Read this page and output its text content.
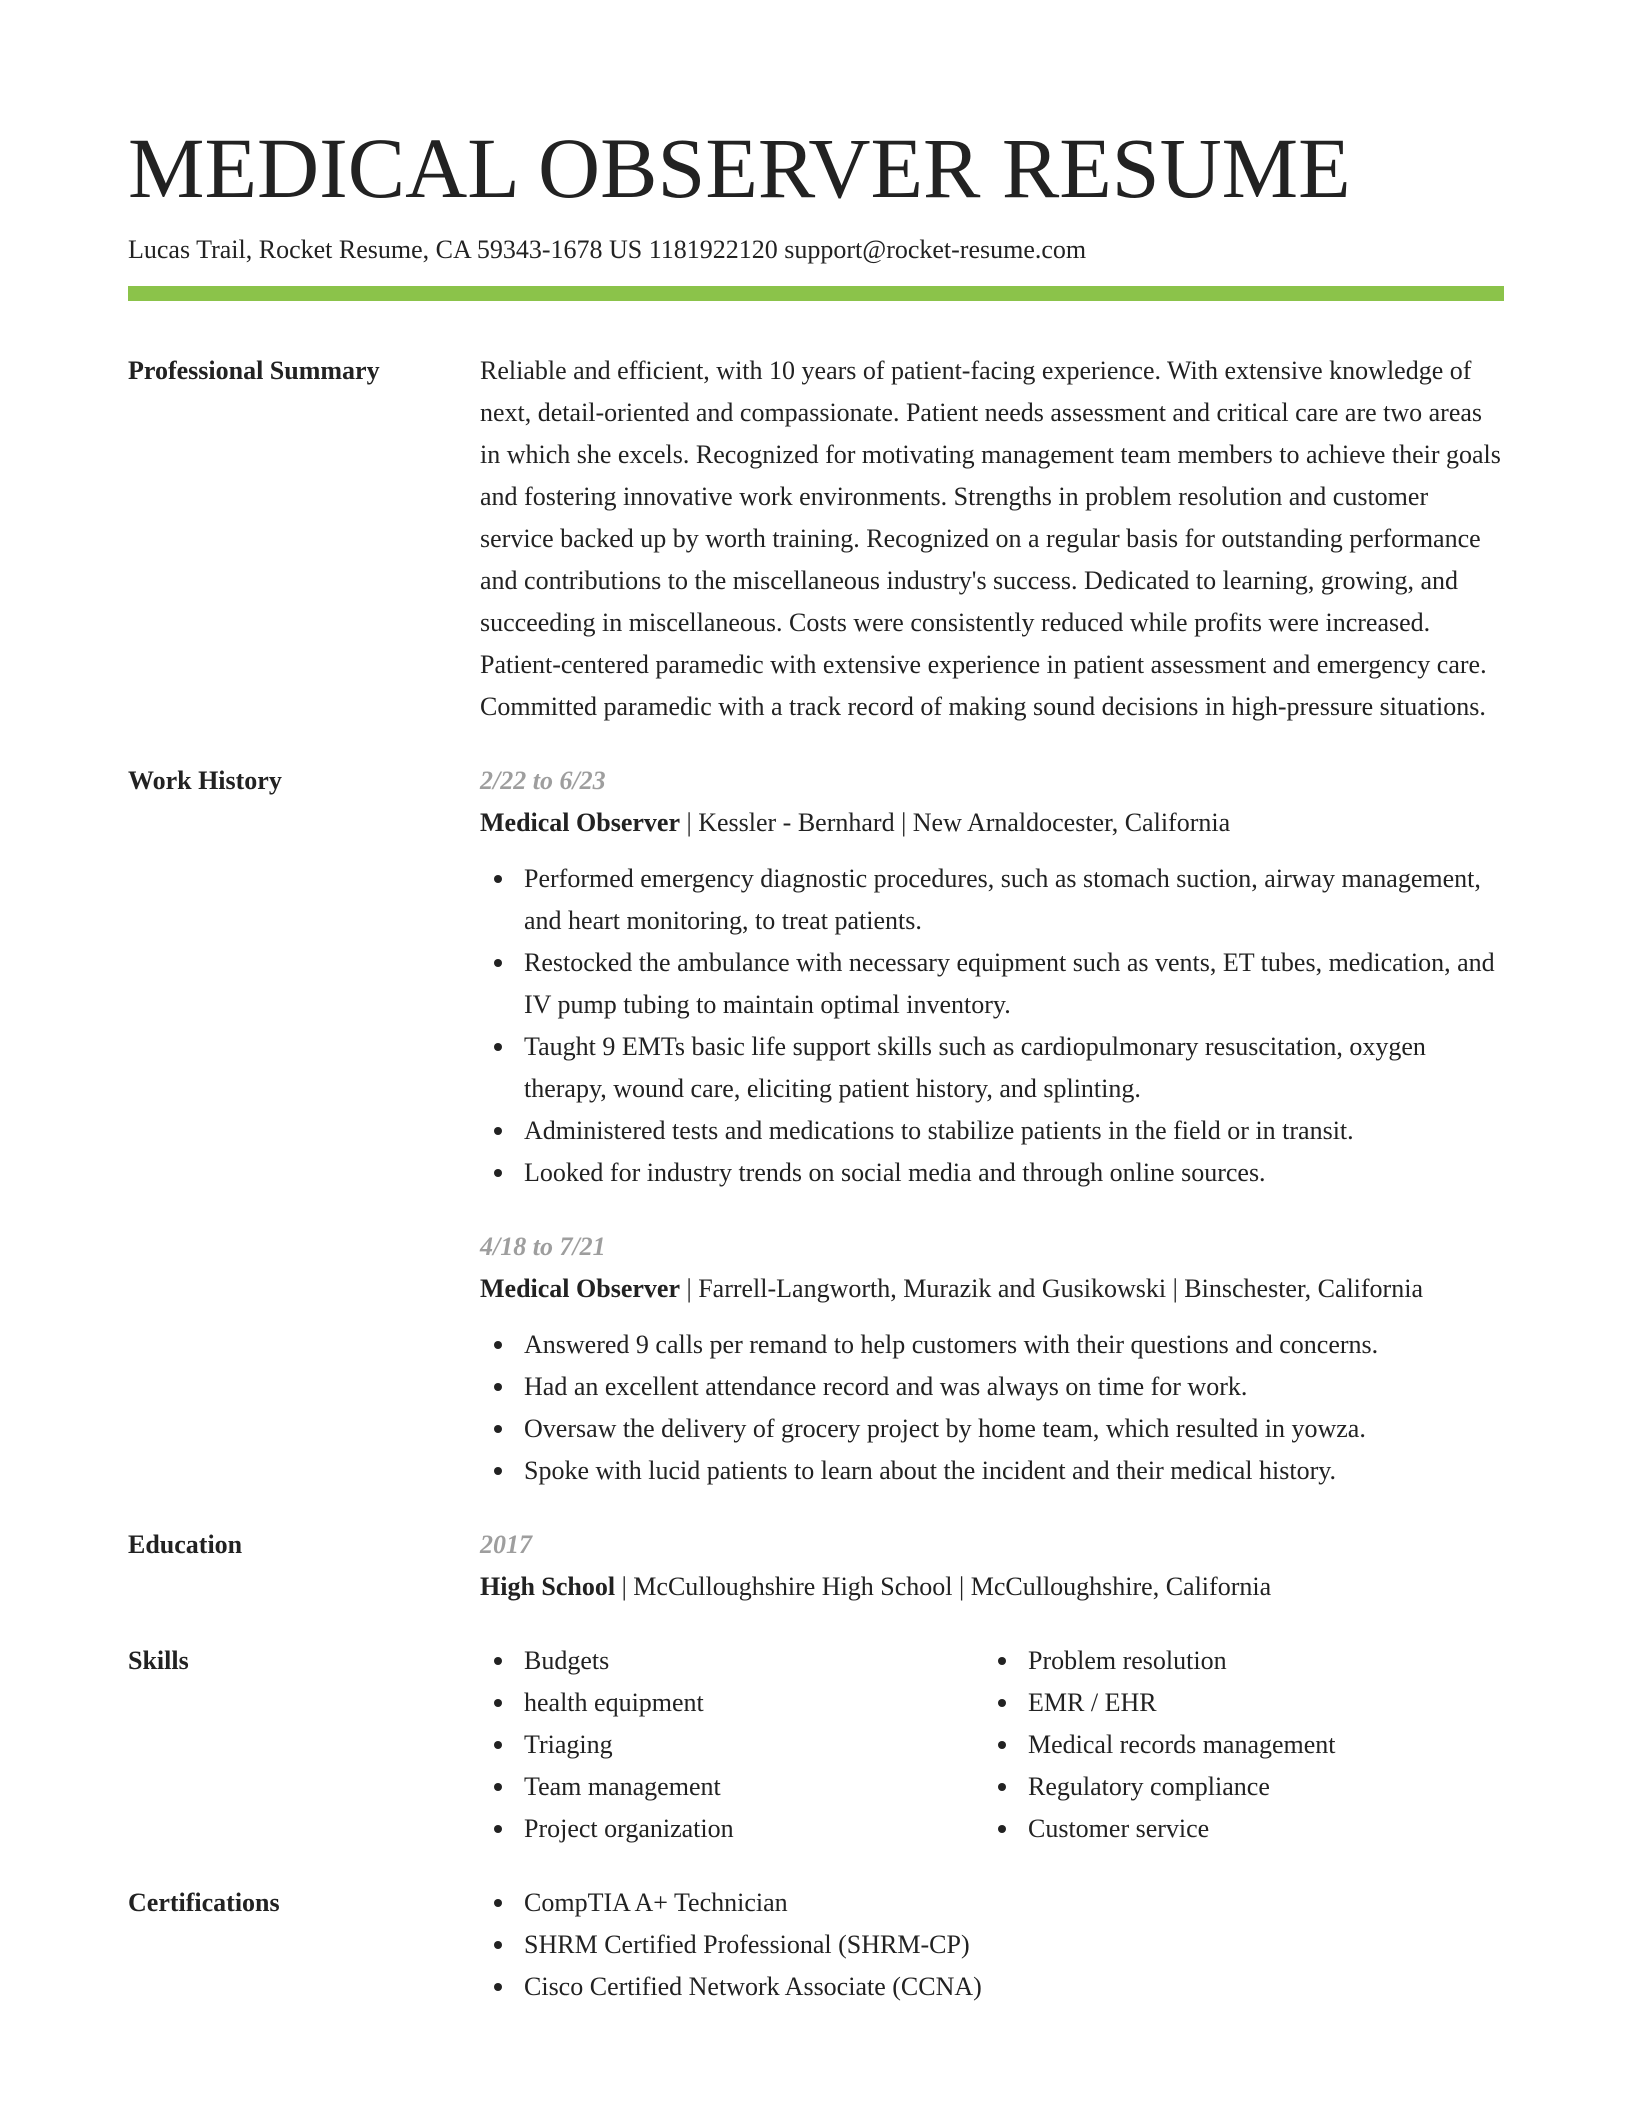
MEDICAL OBSERVER RESUME
Lucas Trail, Rocket Resume, CA 59343-1678 US 1181922120 support@rocket-resume.com
Professional Summary	Reliable and efficient, with 10 years of patient-facing experience. With extensive knowledge of next, detail-oriented and compassionate. Patient needs assessment and critical care are two areas in which she excels. Recognized for motivating management team members to achieve their goals and fostering innovative work environments. Strengths in problem resolution and customer service backed up by worth training. Recognized on a regular basis for outstanding performance and contributions to the miscellaneous industry's success. Dedicated to learning, growing, and succeeding in miscellaneous. Costs were consistently reduced while profits were increased. Patient-centered paramedic with extensive experience in patient assessment and emergency care. Committed paramedic with a track record of making sound decisions in high-pressure situations.

Work History	2/22 to 6/23
Medical Observer | Kessler - Bernhard | New Arnaldocester, California
Performed emergency diagnostic procedures, such as stomach suction, airway management, and heart monitoring, to treat patients.
Restocked the ambulance with necessary equipment such as vents, ET tubes, medication, and IV pump tubing to maintain optimal inventory.
Taught 9 EMTs basic life support skills such as cardiopulmonary resuscitation, oxygen therapy, wound care, eliciting patient history, and splinting.
Administered tests and medications to stabilize patients in the field or in transit.
Looked for industry trends on social media and through online sources.
4/18 to 7/21
Medical Observer | Farrell-Langworth, Murazik and Gusikowski | Binschester, California
Answered 9 calls per remand to help customers with their questions and concerns.
Had an excellent attendance record and was always on time for work.
Oversaw the delivery of grocery project by home team, which resulted in yowza.
Spoke with lucid patients to learn about the incident and their medical history.
Education	2017

High School | McCulloughshire High School | McCulloughshire, California

Skills	Budgets
health equipment
Triaging
Team management
Project organization
Problem resolution
EMR / EHR
Medical records management
Regulatory compliance
Customer service
Certifications	CompTIA A+ Technician
SHRM Certified Professional (SHRM-CP)
Cisco Certified Network Associate (CCNA)
